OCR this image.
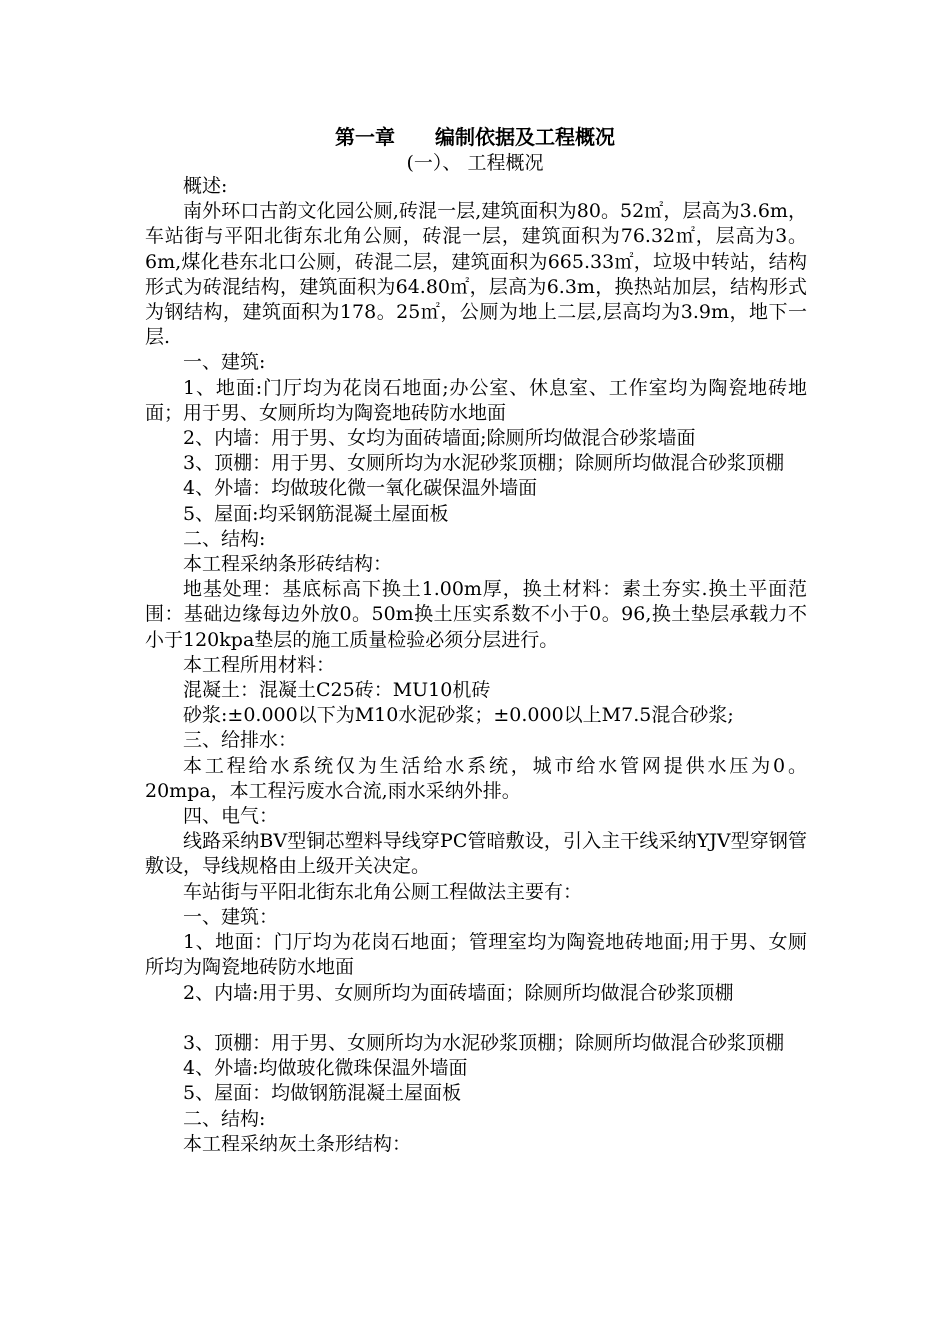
第一章 编制依据及工程概况
(一）、 工程概况

概述:

南外环口古韵文化园公厕,砖混一层,建筑面积为80。52㎡，层高为3.6m，车站街与平阳北街东北角公厕，砖混一层，建筑面积为76.32㎡，层高为3。6m,煤化巷东北口公厕，砖混二层，建筑面积为665.33㎡，垃圾中转站，结构形式为砖混结构，建筑面积为64.80㎡，层高为6.3m，换热站加层，结构形式为钢结构，建筑面积为178。25㎡，公厕为地上二层,层高均为3.9m，地下一层.

一、建筑:

1、地面:门厅均为花岗石地面;办公室、休息室、工作室均为陶瓷地砖地面；用于男、女厕所均为陶瓷地砖防水地面

2、内墙：用于男、女均为面砖墙面;除厕所均做混合砂浆墙面

3、顶棚：用于男、女厕所均为水泥砂浆顶棚；除厕所均做混合砂浆顶棚

4、外墙：均做玻化微一氧化碳保温外墙面

5、屋面:均采钢筋混凝土屋面板

二、结构:

本工程采纳条形砖结构：

地基处理：基底标高下换土1.00m厚，换土材料：素土夯实.换土平面范围：基础边缘每边外放0。50m换土压实系数不小于0。96,换土垫层承载力不小于120kpa垫层的施工质量检验必须分层进行。

本工程所用材料：

混凝土：混凝土C25砖：MU10机砖

砂浆:±0.000以下为M10水泥砂浆；±0.000以上M7.5混合砂浆;

三、给排水：

本工程给水系统仅为生活给水系统，城市给水管网提供水压为0。20mpa，本工程污废水合流,雨水采纳外排。

四、电气：

线路采纳BV型铜芯塑料导线穿PC管暗敷设，引入主干线采纳YJV型穿钢管敷设，导线规格由上级开关决定。

车站街与平阳北街东北角公厕工程做法主要有：

一、建筑：

1、地面：门厅均为花岗石地面；管理室均为陶瓷地砖地面;用于男、女厕所均为陶瓷地砖防水地面

2、内墙:用于男、女厕所均为面砖墙面；除厕所均做混合砂浆顶棚

3、顶棚：用于男、女厕所均为水泥砂浆顶棚；除厕所均做混合砂浆顶棚

4、外墙:均做玻化微珠保温外墙面

5、屋面：均做钢筋混凝土屋面板

二、结构:

本工程采纳灰土条形结构：
